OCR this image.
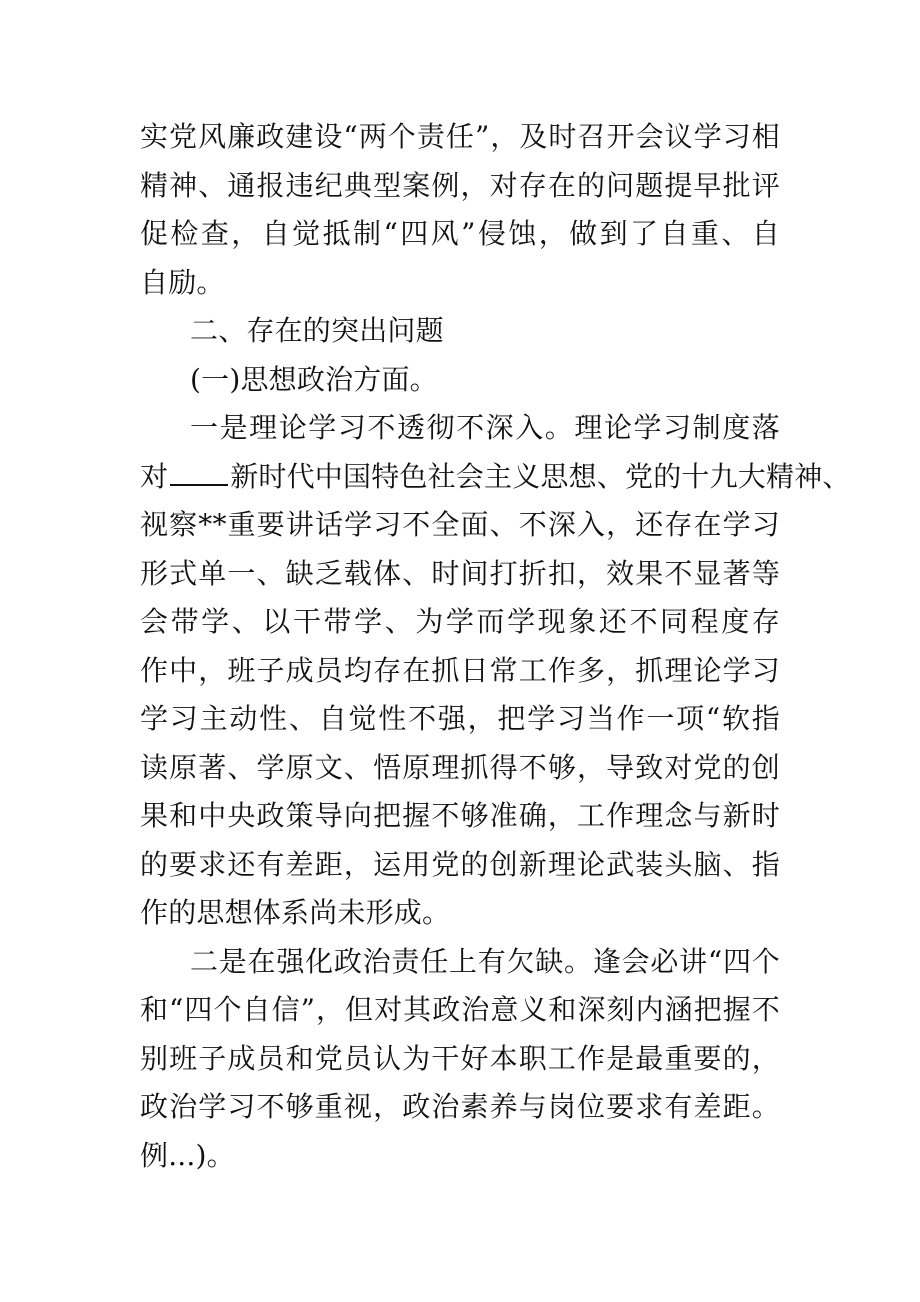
实党风廉政建设“两个责任”，及时召开会议学习相
精神、通报违纪典型案例，对存在的问题提早批评
促检查，自觉抵制“四风”侵蚀，做到了自重、自
自励。
二、存在的突出问题
(一)思想政治方面。
一是理论学习不透彻不深入。理论学习制度落
对 新时代中国特色社会主义思想、党的十九大精神、
视察**重要讲话学习不全面、不深入，还存在学习
形式单一、缺乏载体、时间打折扣，效果不显著等
会带学、以干带学、为学而学现象还不同程度存
作中，班子成员均存在抓日常工作多，抓理论学习
学习主动性、自觉性不强，把学习当作一项“软指
读原著、学原文、悟原理抓得不够，导致对党的创
果和中央政策导向把握不够准确，工作理念与新时
的要求还有差距，运用党的创新理论武装头脑、指
作的思想体系尚未形成。
二是在强化政治责任上有欠缺。逢会必讲“四个
和“四个自信”，但对其政治意义和深刻内涵把握不
别班子成员和党员认为干好本职工作是最重要的，
政治学习不够重视，政治素养与岗位要求有差距。
例...)。
